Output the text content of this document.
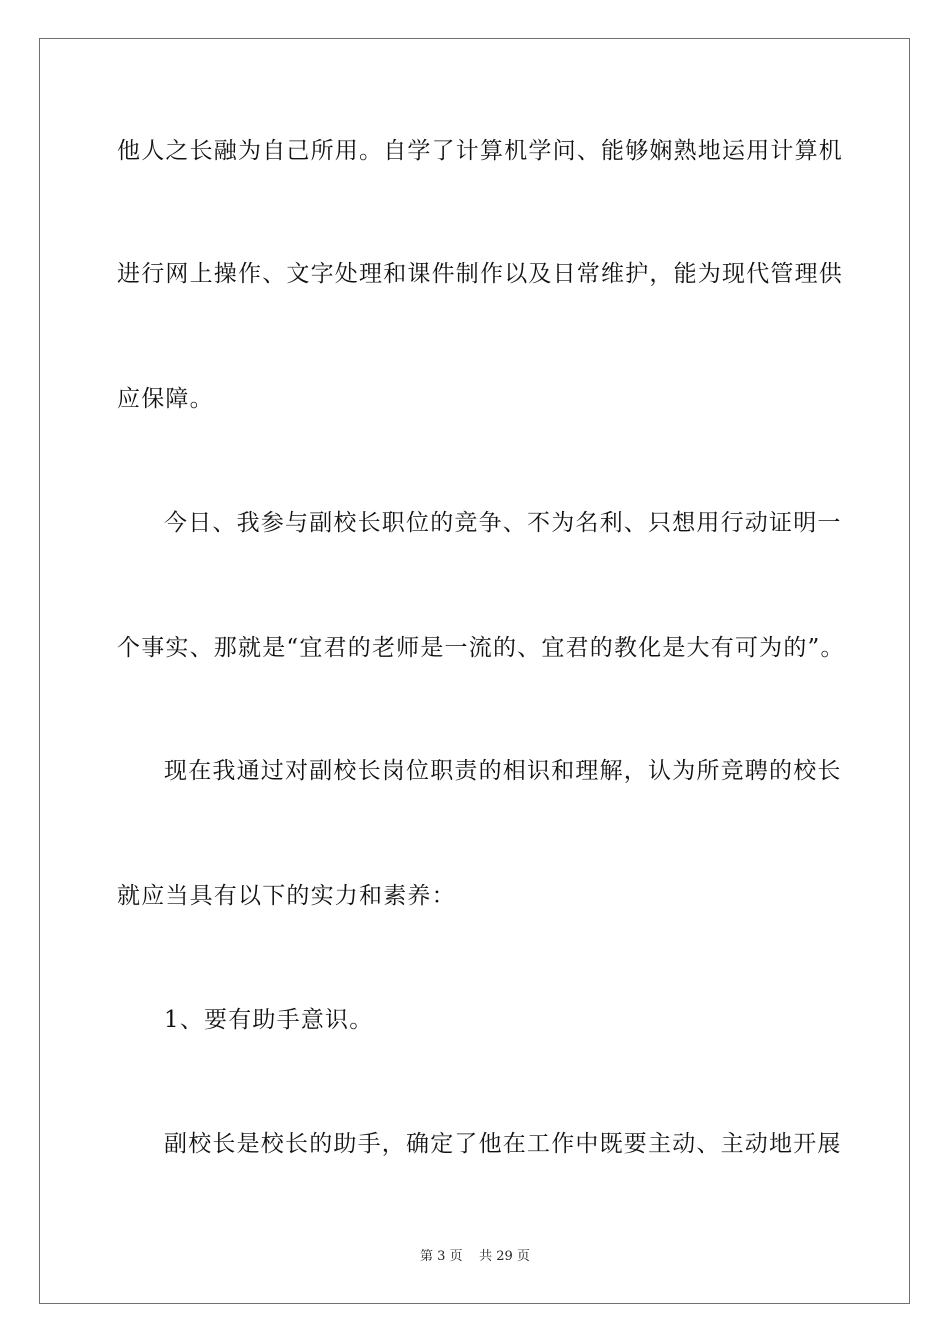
他人之长融为自己所用。自学了计算机学问、能够娴熟地运用计算机
进行网上操作、文字处理和课件制作以及日常维护，能为现代管理供
应保障。
今日、我参与副校长职位的竞争、不为名利、只想用行动证明一
个事实、那就是“宜君的老师是一流的、宜君的教化是大有可为的”。
现在我通过对副校长岗位职责的相识和理解，认为所竞聘的校长
就应当具有以下的实力和素养：
1、要有助手意识。
副校长是校长的助手，确定了他在工作中既要主动、主动地开展
第 3 页 共 29 页
